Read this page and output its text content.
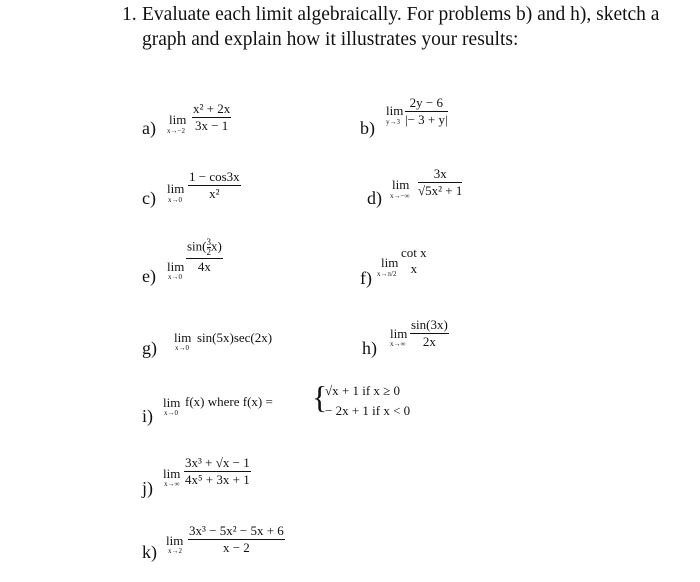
1. Evaluate each limit algebraically. For problems b) and h), sketch a graph and explain how it illustrates your results:
a) lim
$x\to-2 \frac{\text{x² + 2x}}{3x - 1}$	b)
lim
$y\to 3 \frac{2y - 6}{|- 3 + y|}$
c) lim
$x\to 0 \frac{1 - \cos 3x}{\text{x²}}$	d)
lim
$x\to-\infty \frac{3x}{\text{√5x² + 1}}$
e) lim
x→0
$\frac{\sin( \frac{3}{2} x)}{4x}$
f)
lim
x→π/2
cot x
x
g)
lim
x→0
sin(5x)sec(2x)
h)
lim
$x\to\infty \frac{\sin(3x)}{2x}$
i)
lim
x→0
f(x) where f(x) = {
√x + 1 if x ≥ 0
− 2x + 1 if x < 0
j)
lim
$x\to\infty \frac{\text{3x³ + √x − 1}}{\text{4x⁵ + 3x + 1}}$
k)
lim
$x\to 2 \frac{\text{3x³ − 5x² − 5x + 6}}{x - 2}$
